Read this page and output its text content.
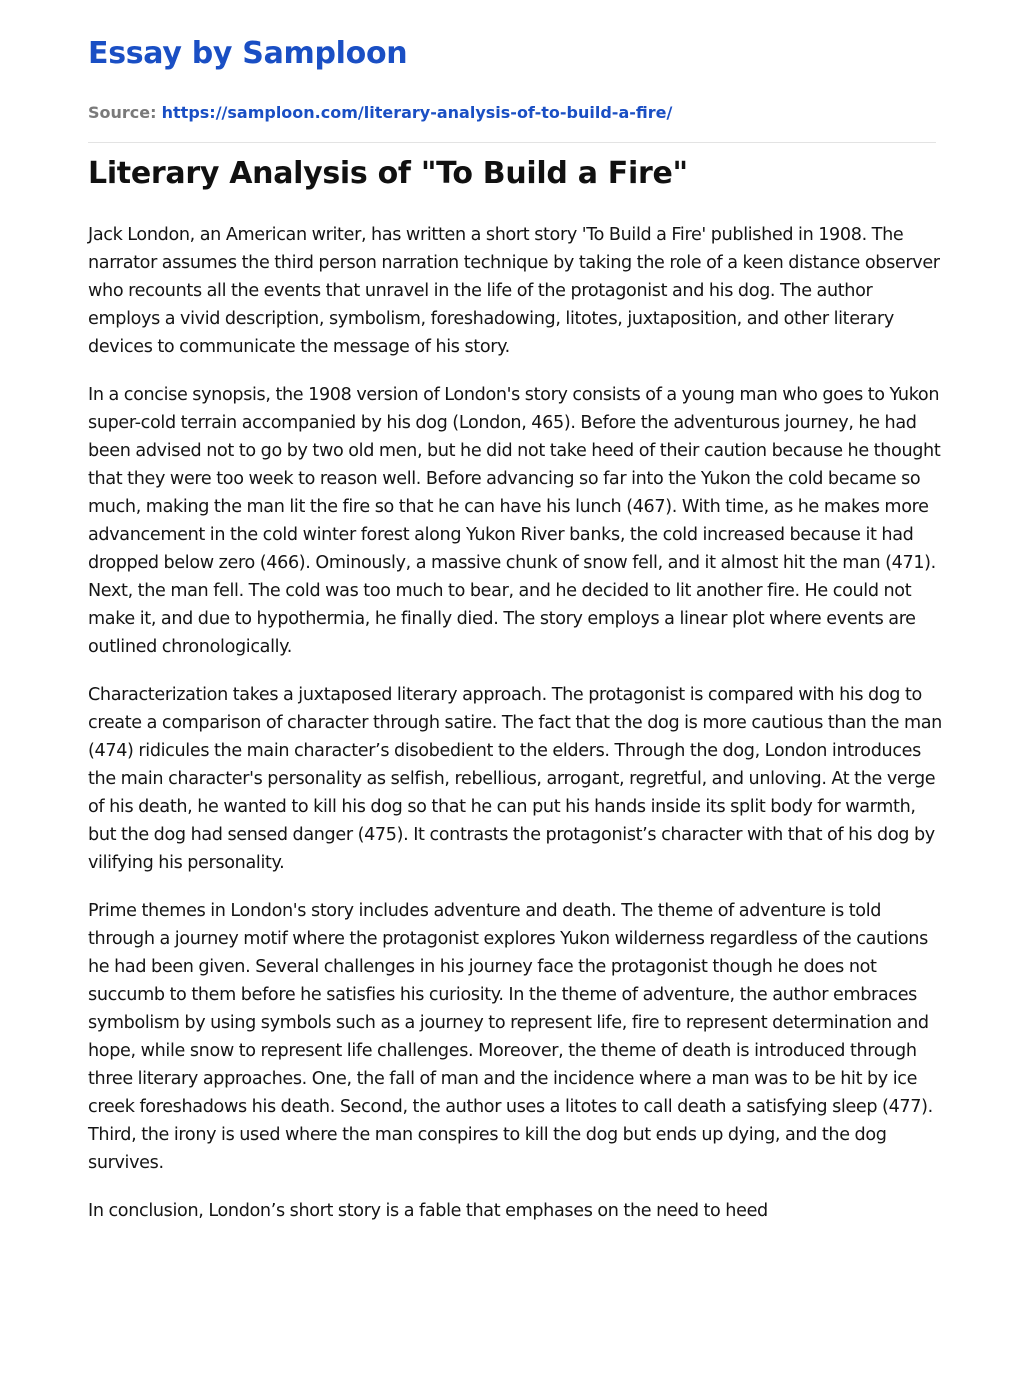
Essay by Samploon
Source: https://samploon.com/literary-analysis-of-to-build-a-fire/
Literary Analysis of "To Build a Fire"

Jack London, an American writer, has written a short story 'To Build a Fire' published in 1908. The narrator assumes the third person narration technique by taking the role of a keen distance observer who recounts all the events that unravel in the life of the protagonist and his dog. The author employs a vivid description, symbolism, foreshadowing, litotes, juxtaposition, and other literary devices to communicate the message of his story.

In a concise synopsis, the 1908 version of London's story consists of a young man who goes to Yukon super-cold terrain accompanied by his dog (London, 465). Before the adventurous journey, he had been advised not to go by two old men, but he did not take heed of their caution because he thought that they were too week to reason well. Before advancing so far into the Yukon the cold became so much, making the man lit the fire so that he can have his lunch (467). With time, as he makes more advancement in the cold winter forest along Yukon River banks, the cold increased because it had dropped below zero (466). Ominously, a massive chunk of snow fell, and it almost hit the man (471). Next, the man fell. The cold was too much to bear, and he decided to lit another fire. He could not make it, and due to hypothermia, he finally died. The story employs a linear plot where events are outlined chronologically.

Characterization takes a juxtaposed literary approach. The protagonist is compared with his dog to create a comparison of character through satire. The fact that the dog is more cautious than the man (474) ridicules the main character’s disobedient to the elders. Through the dog, London introduces the main character's personality as selfish, rebellious, arrogant, regretful, and unloving. At the verge of his death, he wanted to kill his dog so that he can put his hands inside its split body for warmth, but the dog had sensed danger (475). It contrasts the protagonist’s character with that of his dog by vilifying his personality.

Prime themes in London's story includes adventure and death. The theme of adventure is told through a journey motif where the protagonist explores Yukon wilderness regardless of the cautions he had been given. Several challenges in his journey face the protagonist though he does not succumb to them before he satisfies his curiosity. In the theme of adventure, the author embraces symbolism by using symbols such as a journey to represent life, fire to represent determination and hope, while snow to represent life challenges. Moreover, the theme of death is introduced through three literary approaches. One, the fall of man and the incidence where a man was to be hit by ice creek foreshadows his death. Second, the author uses a litotes to call death a satisfying sleep (477). Third, the irony is used where the man conspires to kill the dog but ends up dying, and the dog survives.

In conclusion, London’s short story is a fable that emphases on the need to heed
